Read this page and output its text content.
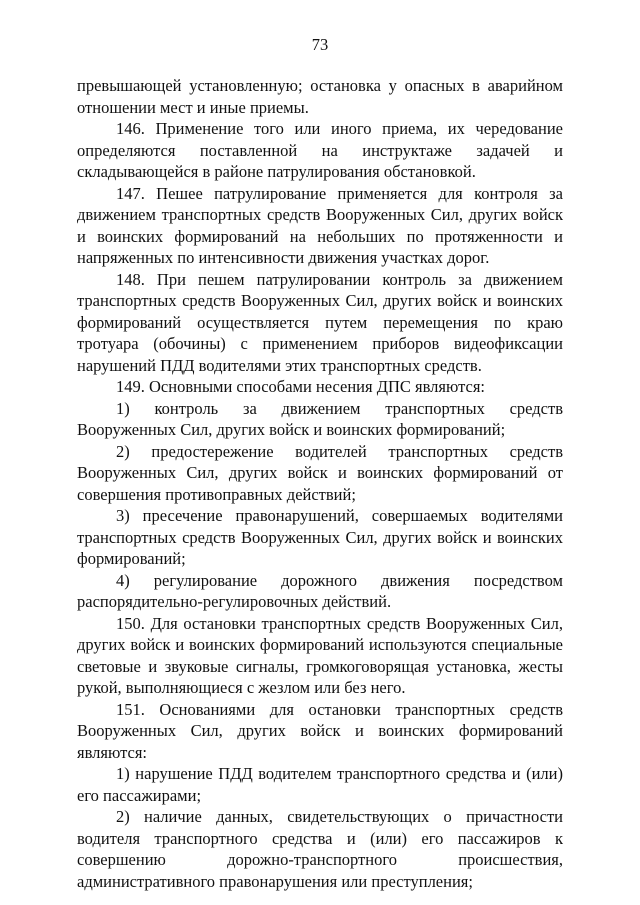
73

превышающей установленную; остановка у опасных в аварийном отношении мест и иные приемы.

146. Применение того или иного приема, их чередование определяются поставленной на инструктаже задачей и складывающейся в районе патрулирования обстановкой.

147. Пешее патрулирование применяется для контроля за движением транспортных средств Вооруженных Сил, других войск и воинских формирований на небольших по протяженности и напряженных по интенсивности движения участках дорог.

148. При пешем патрулировании контроль за движением транспортных средств Вооруженных Сил, других войск и воинских формирований осуществляется путем перемещения по краю тротуара (обочины) с применением приборов видеофиксации нарушений ПДД водителями этих транспортных средств.

149. Основными способами несения ДПС являются:

1) контроль за движением транспортных средств Вооруженных Сил, других войск и воинских формирований;

2) предостережение водителей транспортных средств Вооруженных Сил, других войск и воинских формирований от совершения противоправных действий;

3) пресечение правонарушений, совершаемых водителями транспортных средств Вооруженных Сил, других войск и воинских формирований;

4) регулирование дорожного движения посредством распорядительно-регулировочных действий.

150. Для остановки транспортных средств Вооруженных Сил, других войск и воинских формирований используются специальные световые и звуковые сигналы, громкоговорящая установка, жесты рукой, выполняющиеся с жезлом или без него.

151. Основаниями для остановки транспортных средств Вооруженных Сил, других войск и воинских формирований являются:

1) нарушение ПДД водителем транспортного средства и (или) его пассажирами;

2) наличие данных, свидетельствующих о причастности водителя транспортного средства и (или) его пассажиров к совершению дорожно-транспортного происшествия, административного правонарушения или преступления;
